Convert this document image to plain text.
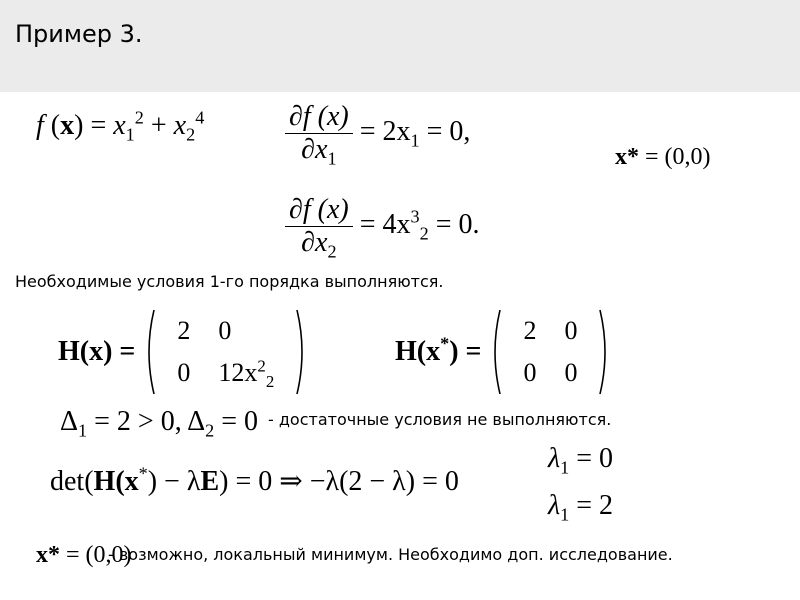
Пример 3.
f $(x) = x_1^2 + x_2^4$	$\frac{\partial f (x)}{\partial x_1} = 2x_1 = 0$,
x* = (0,0)
$\frac{\partial f (x)}{\partial x_2} = 4x^3_2 = 0$.
Необходимые условия 1-го порядка выполняются.
H(x) =

2	0
0	$12x^2_2$

H(x*) =

2	0
0	0

$\Delta_1 = 2 > 0$, $\Delta_2 = 0$ - достаточные условия не выполняются.
det(H(x*) − λE) = 0 ⇒ −λ(2 − λ) = 0
$\lambda_1 = 0$
$\lambda_1 = 2$
x* = (0,0)
- возможно, локальный минимум. Необходимо доп. исследование.
